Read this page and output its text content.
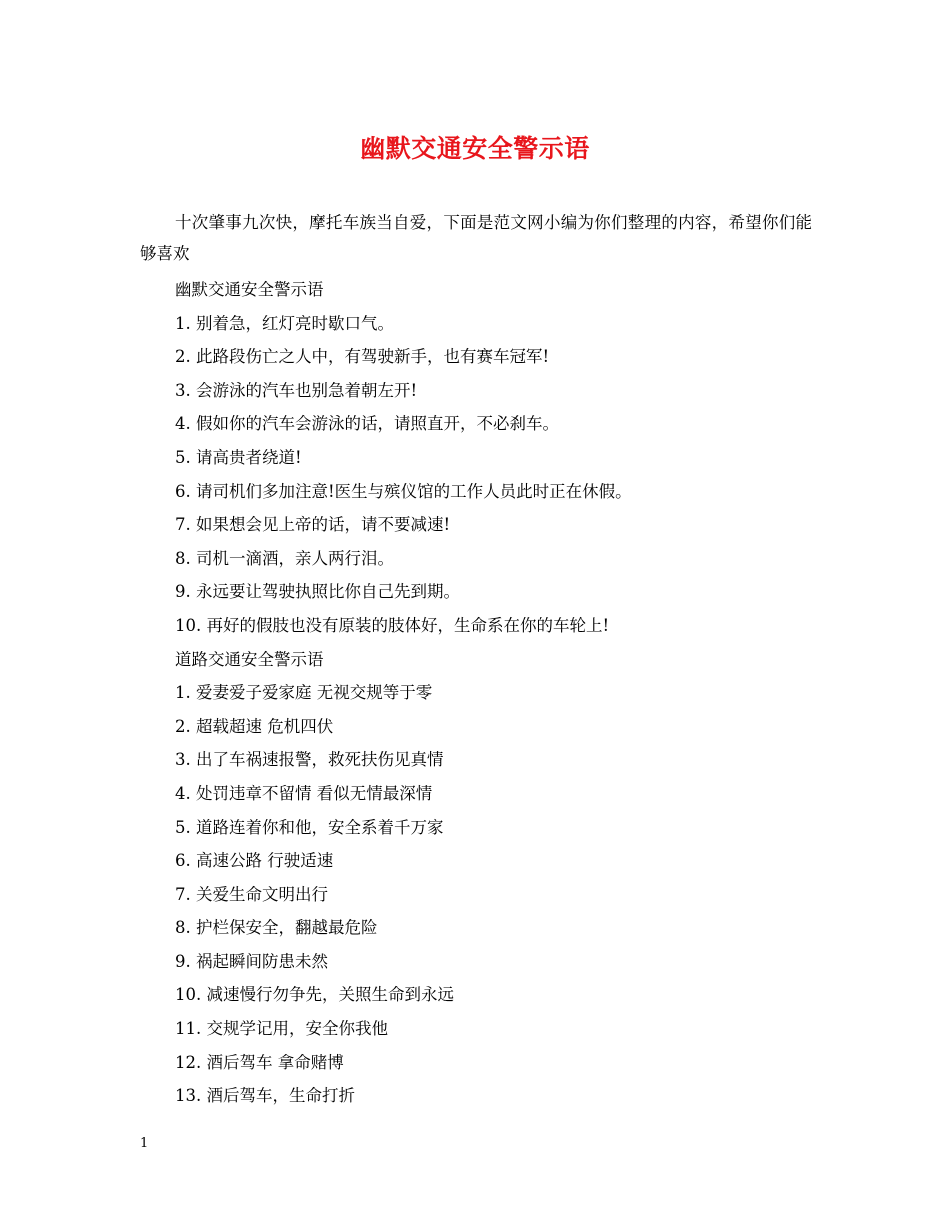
幽默交通安全警示语

十次肇事九次快，摩托车族当自爱，下面是范文网小编为你们整理的内容，希望你们能够喜欢

幽默交通安全警示语
1. 别着急，红灯亮时歇口气。
2. 此路段伤亡之人中，有驾驶新手，也有赛车冠军!
3. 会游泳的汽车也别急着朝左开!
4. 假如你的汽车会游泳的话，请照直开，不必刹车。
5. 请高贵者绕道!
6. 请司机们多加注意!医生与殡仪馆的工作人员此时正在休假。
7. 如果想会见上帝的话，请不要减速!
8. 司机一滴酒，亲人两行泪。
9. 永远要让驾驶执照比你自己先到期。
10. 再好的假肢也没有原装的肢体好，生命系在你的车轮上!
道路交通安全警示语
1. 爱妻爱子爱家庭 无视交规等于零
2. 超载超速 危机四伏
3. 出了车祸速报警，救死扶伤见真情
4. 处罚违章不留情 看似无情最深情
5. 道路连着你和他，安全系着千万家
6. 高速公路 行驶适速
7. 关爱生命文明出行
8. 护栏保安全，翻越最危险
9. 祸起瞬间防患未然
10. 减速慢行勿争先，关照生命到永远
11. 交规学记用，安全你我他
12. 酒后驾车 拿命赌博
13. 酒后驾车，生命打折
1
